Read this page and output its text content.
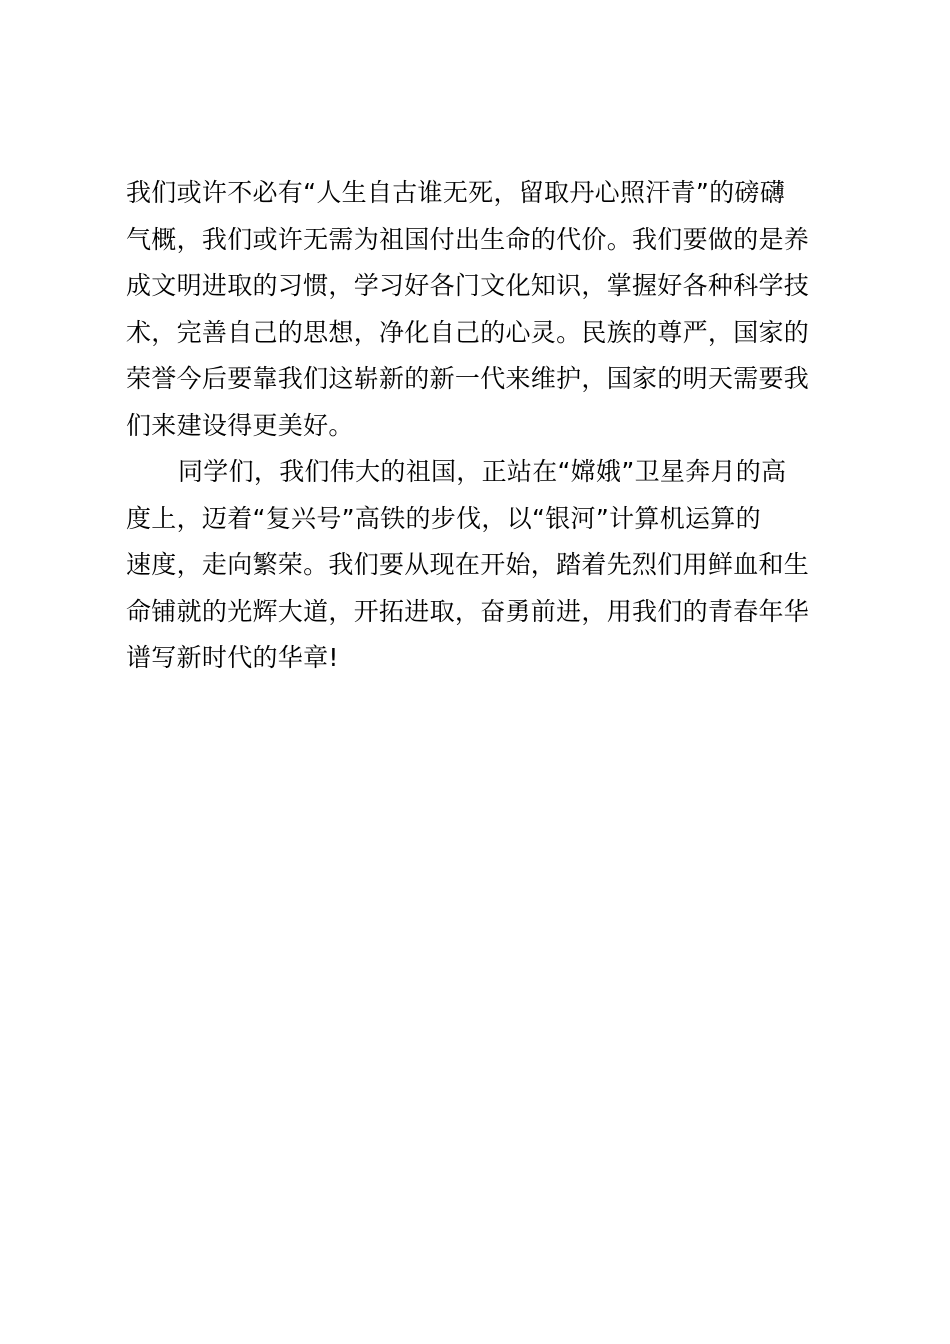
我们或许不必有“人生自古谁无死，留取丹心照汗青”的磅礴
气概，我们或许无需为祖国付出生命的代价。我们要做的是养
成文明进取的习惯，学习好各门文化知识，掌握好各种科学技
术，完善自己的思想，净化自己的心灵。民族的尊严，国家的
荣誉今后要靠我们这崭新的新一代来维护，国家的明天需要我
们来建设得更美好。
同学们，我们伟大的祖国，正站在“嫦娥”卫星奔月的高
度上，迈着“复兴号”高铁的步伐，以“银河”计算机运算的
速度，走向繁荣。我们要从现在开始，踏着先烈们用鲜血和生
命铺就的光辉大道，开拓进取，奋勇前进，用我们的青春年华
谱写新时代的华章!
